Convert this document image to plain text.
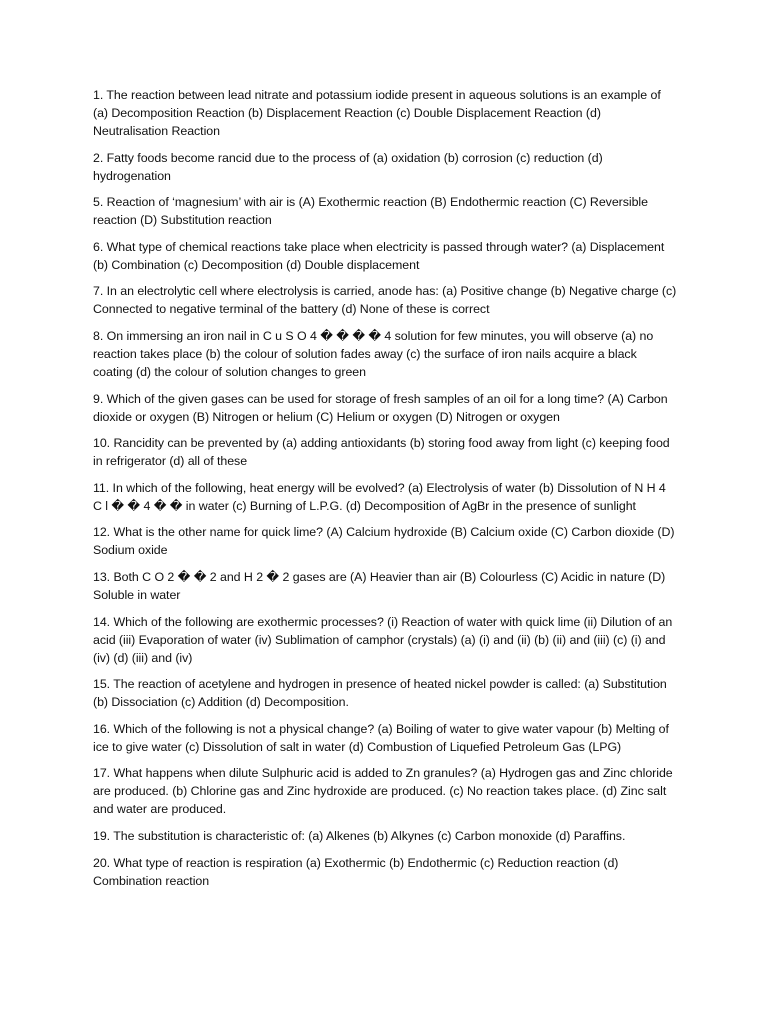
1. The reaction between lead nitrate and potassium iodide present in aqueous solutions is an example of (a) Decomposition Reaction (b) Displacement Reaction (c) Double Displacement Reaction (d) Neutralisation Reaction

2. Fatty foods become rancid due to the process of (a) oxidation (b) corrosion (c) reduction (d) hydrogenation

5. Reaction of ‘magnesium’ with air is (A) Exothermic reaction (B) Endothermic reaction (C) Reversible reaction (D) Substitution reaction

6. What type of chemical reactions take place when electricity is passed through water? (a) Displacement (b) Combination (c) Decomposition (d) Double displacement

7. In an electrolytic cell where electrolysis is carried, anode has: (a) Positive change (b) Negative charge (c) Connected to negative terminal of the battery (d) None of these is correct

8. On immersing an iron nail in C u S O 4 � � � � 4 solution for few minutes, you will observe (a) no reaction takes place (b) the colour of solution fades away (c) the surface of iron nails acquire a black coating (d) the colour of solution changes to green

9. Which of the given gases can be used for storage of fresh samples of an oil for a long time? (A) Carbon dioxide or oxygen (B) Nitrogen or helium (C) Helium or oxygen (D) Nitrogen or oxygen

10. Rancidity can be prevented by (a) adding antioxidants (b) storing food away from light (c) keeping food in refrigerator (d) all of these

11. In which of the following, heat energy will be evolved? (a) Electrolysis of water (b) Dissolution of N H 4 C l � � 4 � � in water (c) Burning of L.P.G. (d) Decomposition of AgBr in the presence of sunlight

12. What is the other name for quick lime? (A) Calcium hydroxide (B) Calcium oxide (C) Carbon dioxide (D) Sodium oxide

13. Both C O 2 � � 2 and H 2 � 2 gases are (A) Heavier than air (B) Colourless (C) Acidic in nature (D) Soluble in water

14. Which of the following are exothermic processes? (i) Reaction of water with quick lime (ii) Dilution of an acid (iii) Evaporation of water (iv) Sublimation of camphor (crystals) (a) (i) and (ii) (b) (ii) and (iii) (c) (i) and (iv) (d) (iii) and (iv)

15. The reaction of acetylene and hydrogen in presence of heated nickel powder is called: (a) Substitution (b) Dissociation (c) Addition (d) Decomposition.

16. Which of the following is not a physical change? (a) Boiling of water to give water vapour (b) Melting of ice to give water (c) Dissolution of salt in water (d) Combustion of Liquefied Petroleum Gas (LPG)

17. What happens when dilute Sulphuric acid is added to Zn granules? (a) Hydrogen gas and Zinc chloride are produced. (b) Chlorine gas and Zinc hydroxide are produced. (c) No reaction takes place. (d) Zinc salt and water are produced.

19. The substitution is characteristic of: (a) Alkenes (b) Alkynes (c) Carbon monoxide (d) Paraffins.

20. What type of reaction is respiration (a) Exothermic (b) Endothermic (c) Reduction reaction (d) Combination reaction
